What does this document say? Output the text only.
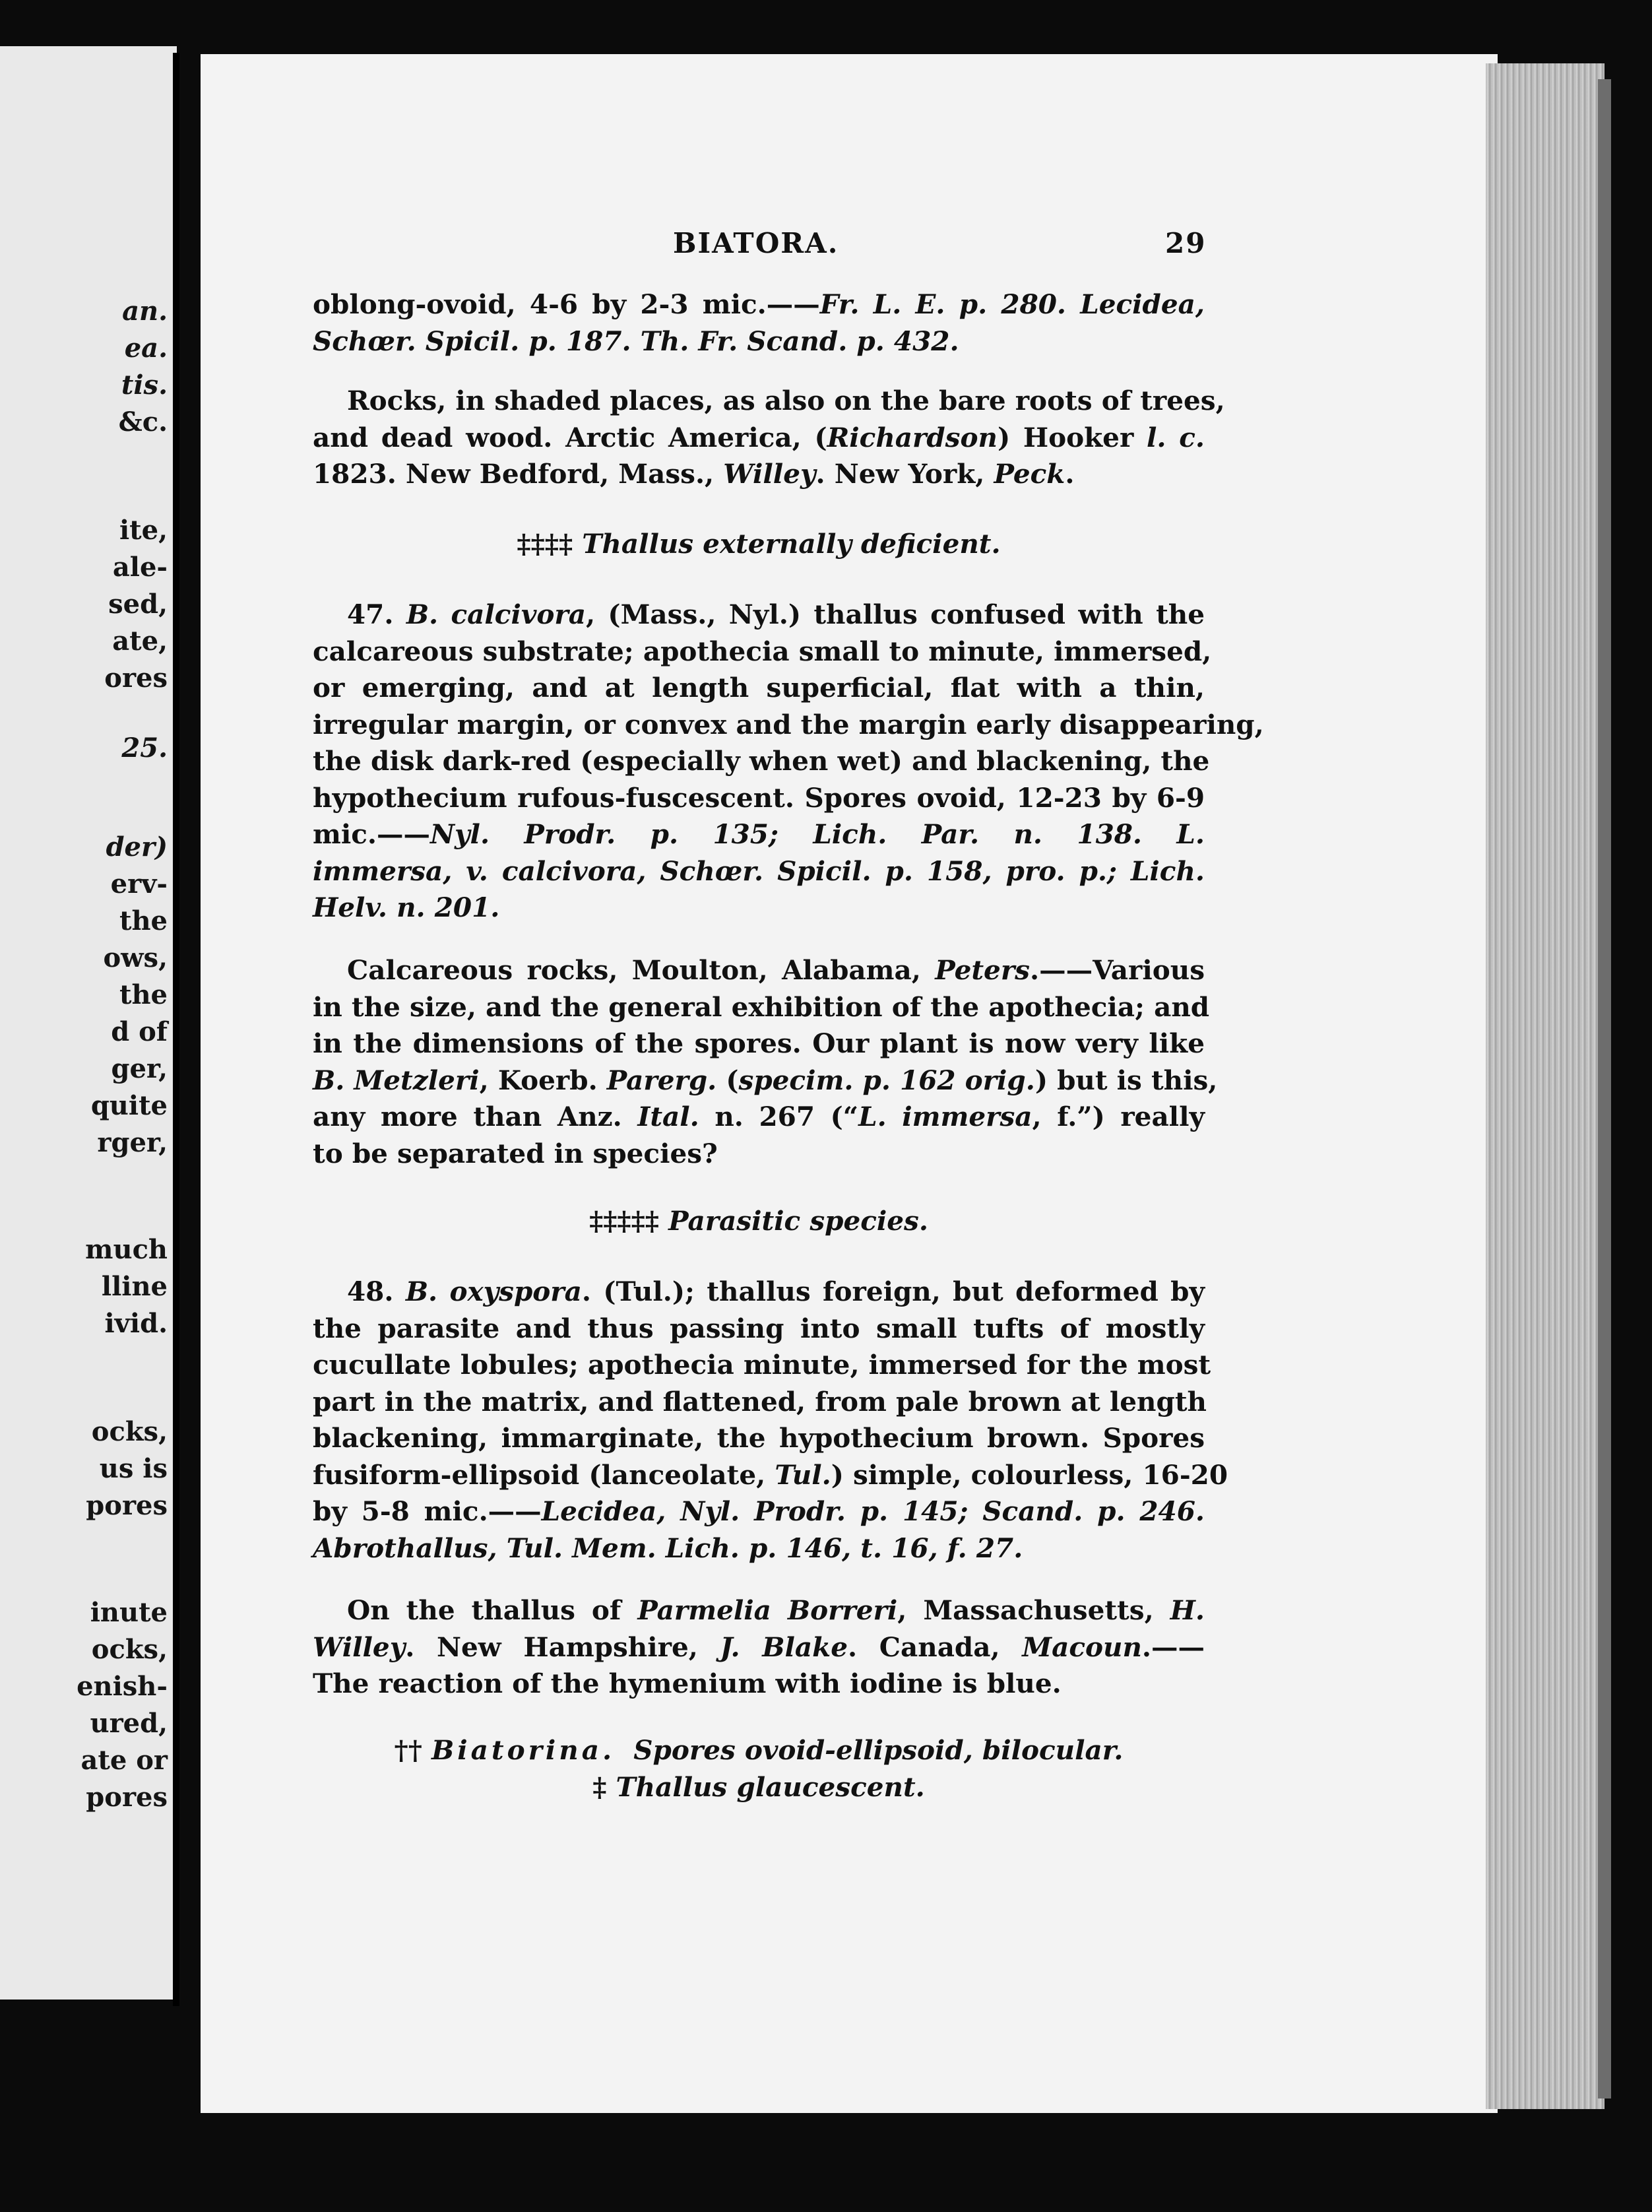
an.
ea.
tis.
&c.
ite,
ale-
sed,
ate,
ores
25.
der)
erv-
the
ows,
the
d of
ger,
quite
rger,
much
lline
ivid.
ocks,
us is
pores
inute
ocks,
enish-
ured,
ate or
pores
BIATORA.	29
oblong-ovoid, 4-6 by 2-3 mic.——Fr. L. E. p. 280. Lecidea,
Schœr. Spicil. p. 187. Th. Fr. Scand. p. 432.
Rocks, in shaded places, as also on the bare roots of trees,
and dead wood. Arctic America, (Richardson) Hooker l. c.
1823. New Bedford, Mass., Willey. New York, Peck.
‡‡‡‡ Thallus externally deficient.
47. B. calcivora, (Mass., Nyl.) thallus confused with the
calcareous substrate; apothecia small to minute, immersed,
or emerging, and at length superficial, flat with a thin,
irregular margin, or convex and the margin early disappearing,
the disk dark-red (especially when wet) and blackening, the
hypothecium rufous-fuscescent. Spores ovoid, 12-23 by 6-9
mic.——Nyl. Prodr. p. 135; Lich. Par. n. 138. L.
immersa, v. calcivora, Schœr. Spicil. p. 158, pro. p.; Lich.
Helv. n. 201.
Calcareous rocks, Moulton, Alabama, Peters.——Various
in the size, and the general exhibition of the apothecia; and
in the dimensions of the spores. Our plant is now very like
B. Metzleri, Koerb. Parerg. (specim. p. 162 orig.) but is this,
any more than Anz. Ital. n. 267 (“L. immersa, f.”) really
to be separated in species?
‡‡‡‡‡ Parasitic species.
48. B. oxyspora. (Tul.); thallus foreign, but deformed by
the parasite and thus passing into small tufts of mostly
cucullate lobules; apothecia minute, immersed for the most
part in the matrix, and flattened, from pale brown at length
blackening, immarginate, the hypothecium brown. Spores
fusiform-ellipsoid (lanceolate, Tul.) simple, colourless, 16-20
by 5-8 mic.——Lecidea, Nyl. Prodr. p. 145; Scand. p. 246.
Abrothallus, Tul. Mem. Lich. p. 146, t. 16, f. 27.
On the thallus of Parmelia Borreri, Massachusetts, H.
Willey. New Hampshire, J. Blake. Canada, Macoun.——
The reaction of the hymenium with iodine is blue.
†† Biatorina. Spores ovoid-ellipsoid, bilocular.
‡ Thallus glaucescent.
